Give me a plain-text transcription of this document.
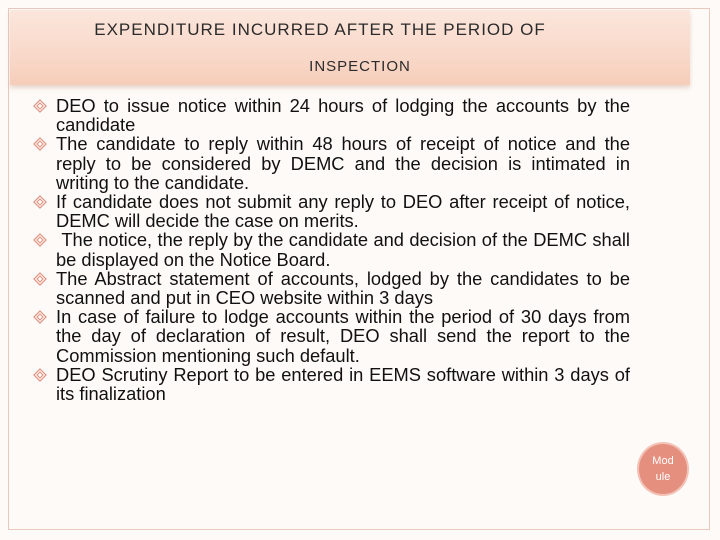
EXPENDITURE INCURRED AFTER THE PERIOD OF
INSPECTION
DEO to issue notice within 24 hours of lodging the accounts by the candidate
The candidate to reply within 48 hours of receipt of notice and the reply to be considered by DEMC and the decision is intimated in writing to the candidate.
If candidate does not submit any reply to DEO after receipt of notice, DEMC will decide the case on merits.
The notice, the reply by the candidate and decision of the DEMC shall be displayed on the Notice Board.
The Abstract statement of accounts, lodged by the candidates to be scanned and put in CEO website within 3 days
In case of failure to lodge accounts within the period of 30 days from the day of declaration of result, DEO shall send the report to the Commission mentioning such default.
DEO Scrutiny Report to be entered in EEMS software within 3 days of its finalization
Module
